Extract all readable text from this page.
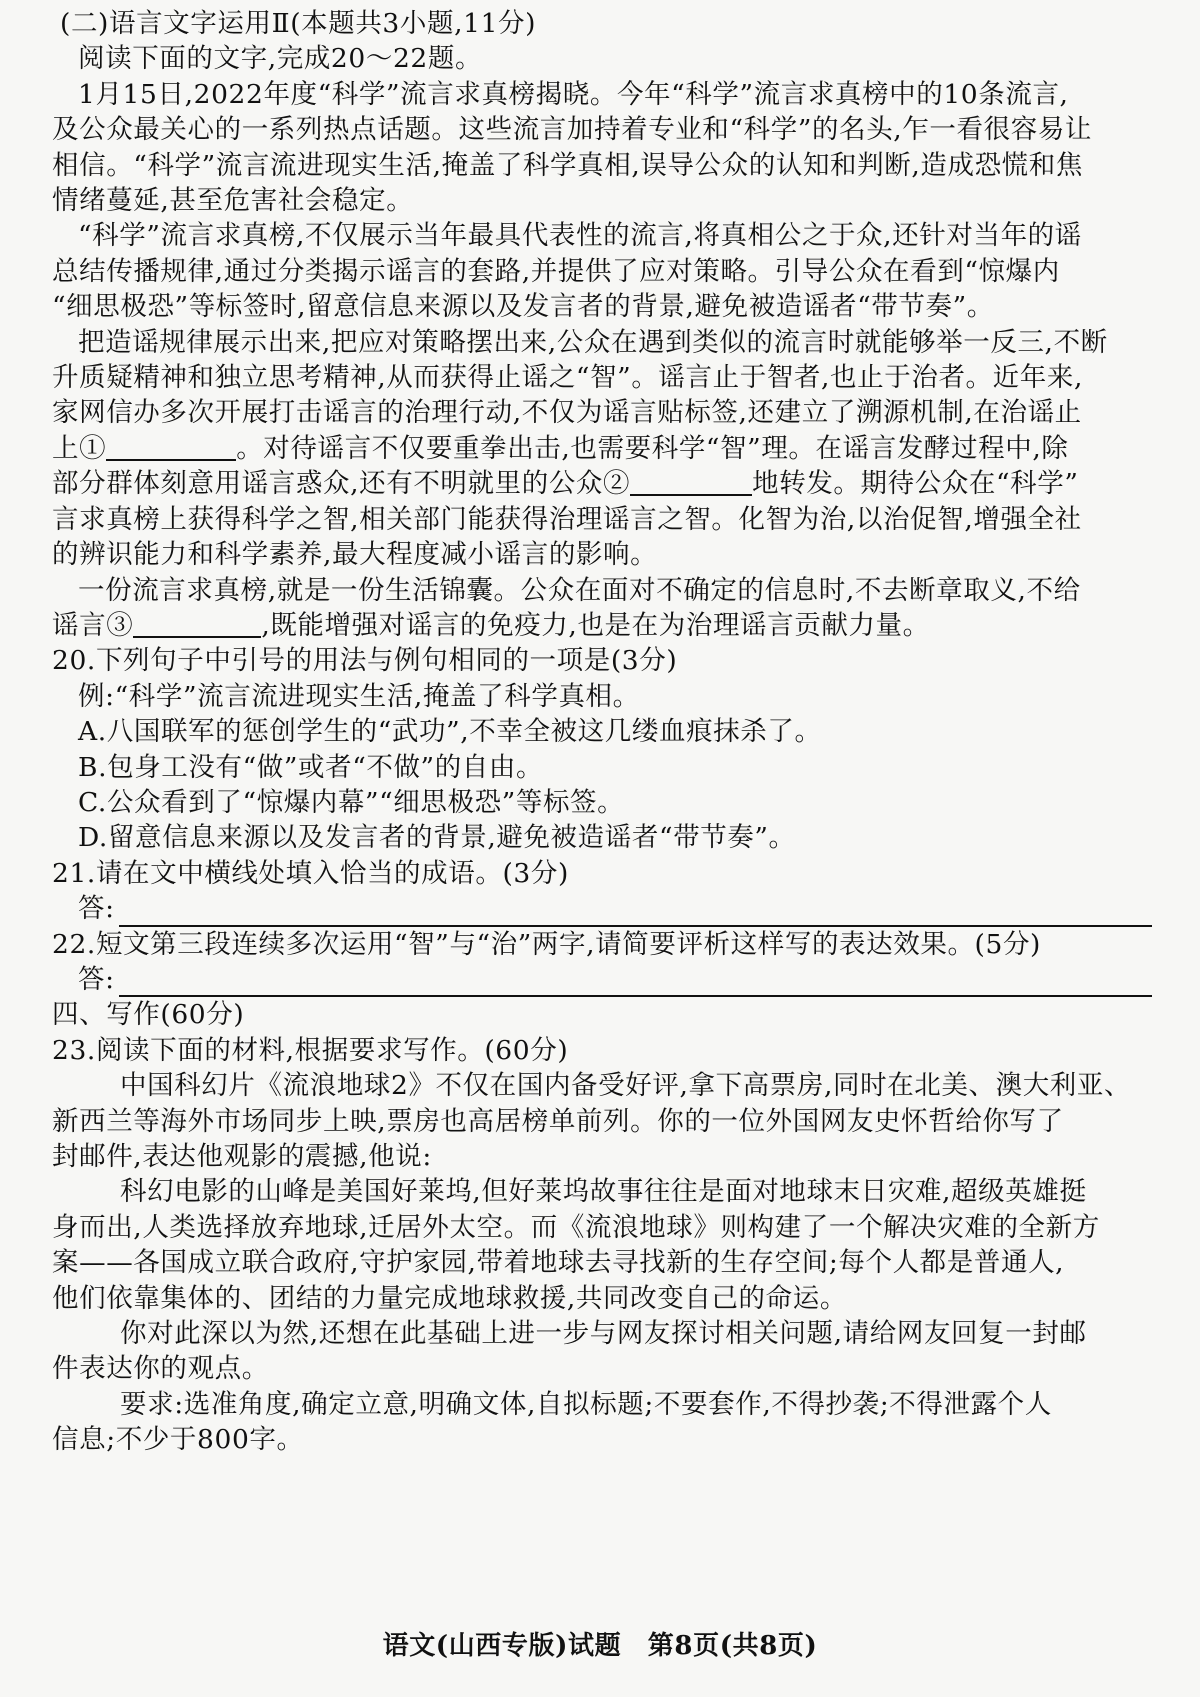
(二)语言文字运用Ⅱ(本题共3小题,11分)
阅读下面的文字,完成20～22题。
1月15日,2022年度“科学”流言求真榜揭晓。今年“科学”流言求真榜中的10条流言,
及公众最关心的一系列热点话题。这些流言加持着专业和“科学”的名头,乍一看很容易让
相信。“科学”流言流进现实生活,掩盖了科学真相,误导公众的认知和判断,造成恐慌和焦
情绪蔓延,甚至危害社会稳定。
“科学”流言求真榜,不仅展示当年最具代表性的流言,将真相公之于众,还针对当年的谣
总结传播规律,通过分类揭示谣言的套路,并提供了应对策略。引导公众在看到“惊爆内
“细思极恐”等标签时,留意信息来源以及发言者的背景,避免被造谣者“带节奏”。
把造谣规律展示出来,把应对策略摆出来,公众在遇到类似的流言时就能够举一反三,不断
升质疑精神和独立思考精神,从而获得止谣之“智”。谣言止于智者,也止于治者。近年来,
家网信办多次开展打击谣言的治理行动,不仅为谣言贴标签,还建立了溯源机制,在治谣止
上①	。对待谣言不仅要重拳出击,也需要科学“智”理。在谣言发酵过程中,除
部分群体刻意用谣言惑众,还有不明就里的公众②	地转发。期待公众在“科学”
言求真榜上获得科学之智,相关部门能获得治理谣言之智。化智为治,以治促智,增强全社
的辨识能力和科学素养,最大程度减小谣言的影响。
一份流言求真榜,就是一份生活锦囊。公众在面对不确定的信息时,不去断章取义,不给
谣言③	,既能增强对谣言的免疫力,也是在为治理谣言贡献力量。
20.下列句子中引号的用法与例句相同的一项是(3分)
例:“科学”流言流进现实生活,掩盖了科学真相。
A.八国联军的惩创学生的“武功”,不幸全被这几缕血痕抹杀了。
B.包身工没有“做”或者“不做”的自由。
C.公众看到了“惊爆内幕”“细思极恐”等标签。
D.留意信息来源以及发言者的背景,避免被造谣者“带节奏”。
21.请在文中横线处填入恰当的成语。(3分)
答:
22.短文第三段连续多次运用“智”与“治”两字,请简要评析这样写的表达效果。(5分)
答:
四、写作(60分)
23.阅读下面的材料,根据要求写作。(60分)
中国科幻片《流浪地球2》不仅在国内备受好评,拿下高票房,同时在北美、澳大利亚、
新西兰等海外市场同步上映,票房也高居榜单前列。你的一位外国网友史怀哲给你写了
封邮件,表达他观影的震撼,他说:
科幻电影的山峰是美国好莱坞,但好莱坞故事往往是面对地球末日灾难,超级英雄挺
身而出,人类选择放弃地球,迁居外太空。而《流浪地球》则构建了一个解决灾难的全新方
案——各国成立联合政府,守护家园,带着地球去寻找新的生存空间;每个人都是普通人,
他们依靠集体的、团结的力量完成地球救援,共同改变自己的命运。
你对此深以为然,还想在此基础上进一步与网友探讨相关问题,请给网友回复一封邮
件表达你的观点。
要求:选准角度,确定立意,明确文体,自拟标题;不要套作,不得抄袭;不得泄露个人
信息;不少于800字。
语文(山西专版)试题　第8页(共8页)
